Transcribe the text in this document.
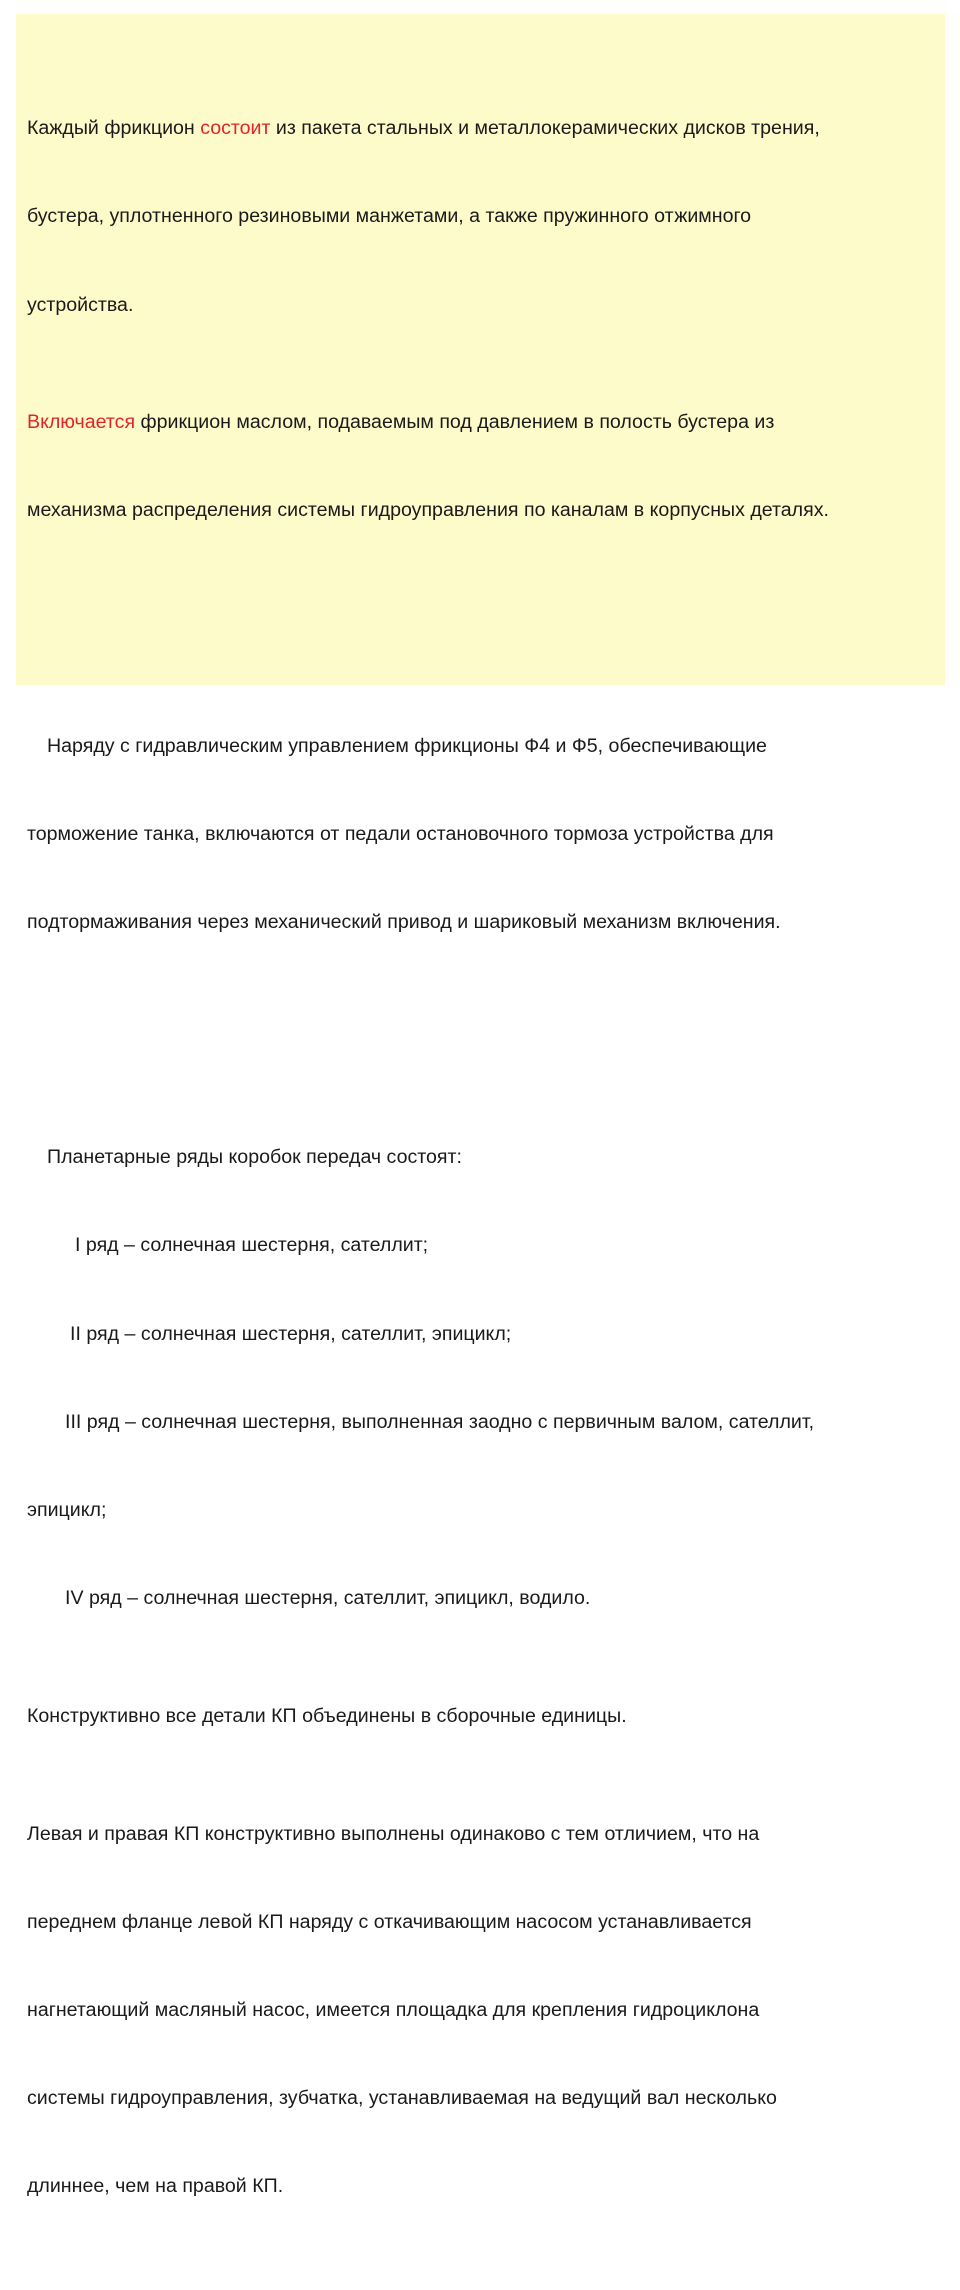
Каждый фрикцион состоит из пакета стальных и металлокерамических дисков трения,

бустера, уплотненного резиновыми манжетами, а также пружинного отжимного

устройства.

Включается фрикцион маслом, подаваемым под давлением в полость бустера из

механизма распределения системы гидроуправления по каналам в корпусных деталях.

Наряду с гидравлическим управлением фрикционы Ф4 и Ф5, обеспечивающие

торможение танка, включаются от педали остановочного тормоза устройства для

подтормаживания через механический привод и шариковый механизм включения.

Планетарные ряды коробок передач состоят:

I ряд – солнечная шестерня, сателлит;

II ряд – солнечная шестерня, сателлит, эпицикл;

III ряд – солнечная шестерня, выполненная заодно с первичным валом, сателлит,

эпицикл;

IV ряд – солнечная шестерня, сателлит, эпицикл, водило.

Конструктивно все детали КП объединены в сборочные единицы.

Левая и правая КП конструктивно выполнены одинаково с тем отличием, что на

переднем фланце левой КП наряду с откачивающим насосом устанавливается

нагнетающий масляный насос, имеется площадка для крепления гидроциклона

системы гидроуправления, зубчатка, устанавливаемая на ведущий вал несколько

длиннее, чем на правой КП.
